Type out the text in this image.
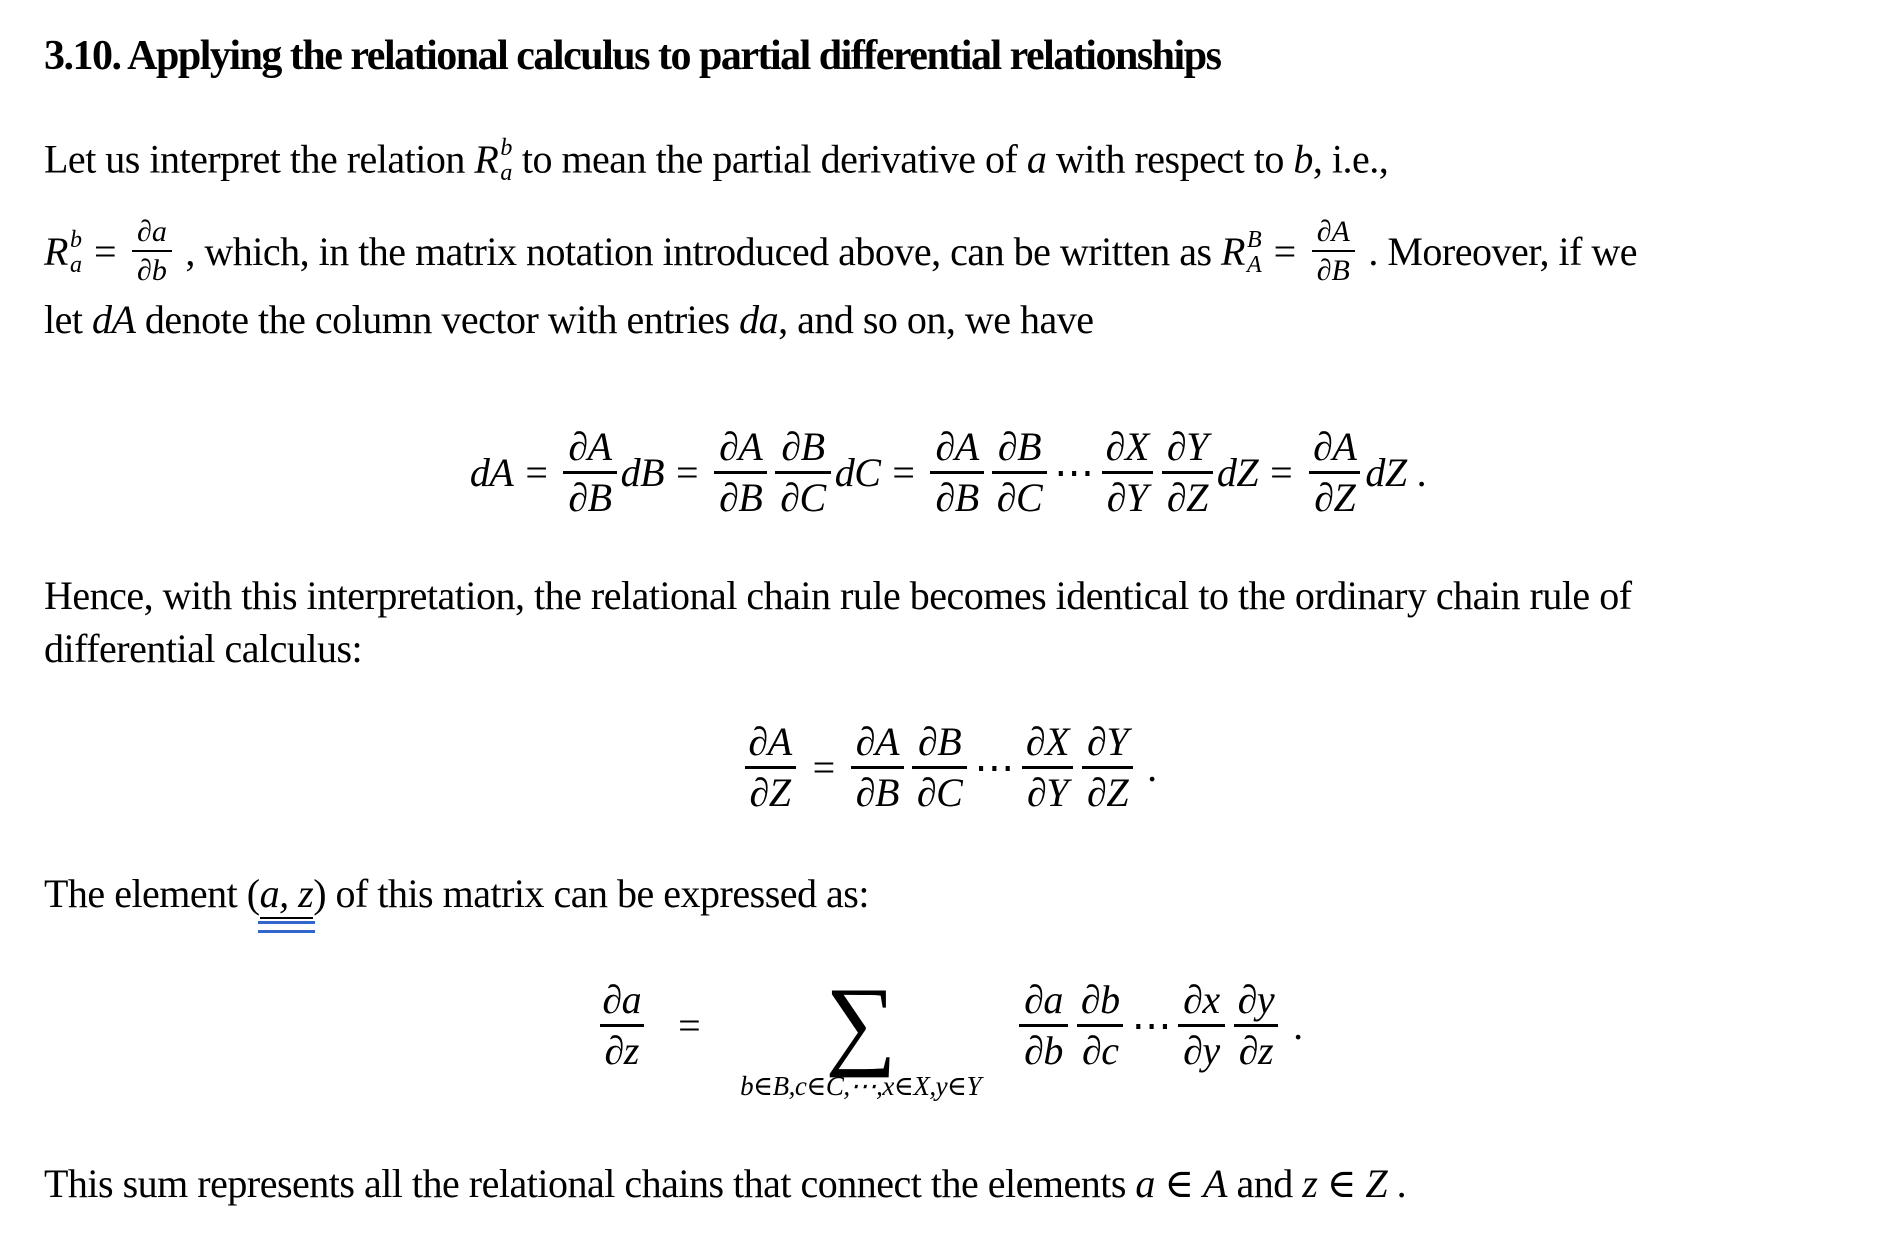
3.10. Applying the relational calculus to partial differential relationships
Let us interpret the relation R b
a to mean the partial derivative of a with respect to b, i.e.,
R b
$a = \frac{\partial a}{\partial b}$ , which, in the matrix notation introduced above, can be written as R B
$A = \frac{\partial A}{\partial B}$ . Moreover, if we
let dA denote the column vector with entries da, and so on, we have
dA = $\frac{\partial A}{\partial B}$ dB = $\frac{\partial A}{\partial B} \frac{\partial B}{\partial C}$ dC = $\frac{\partial A}{\partial B} \frac{\partial B}{\partial C}$ ⋯ $\frac{\partial X}{\partial Y} \frac{\partial Y}{\partial Z}$ dZ = $\frac{\partial A}{\partial Z}$ dZ .
Hence, with this interpretation, the relational chain rule becomes identical to the ordinary chain rule of
differential calculus:
$\frac{\partial A}{\partial Z} = \frac{\partial A}{\partial B} \frac{\partial B}{\partial C}$ ⋯ $\frac{\partial X}{\partial Y} \frac{\partial Y}{\partial Z}$ .
The element (a, z) of this matrix can be expressed as:
$\frac{\partial a}{\partial z}$ = ∑
b∈B,c∈C,⋯,x∈X,y∈Y
$\frac{\partial a}{\partial b} \frac{\partial b}{\partial c}$ ⋯ $\frac{\partial x}{\partial y} \frac{\partial y}{\partial z}$ .
This sum represents all the relational chains that connect the elements a ∈ A and z ∈ Z .
